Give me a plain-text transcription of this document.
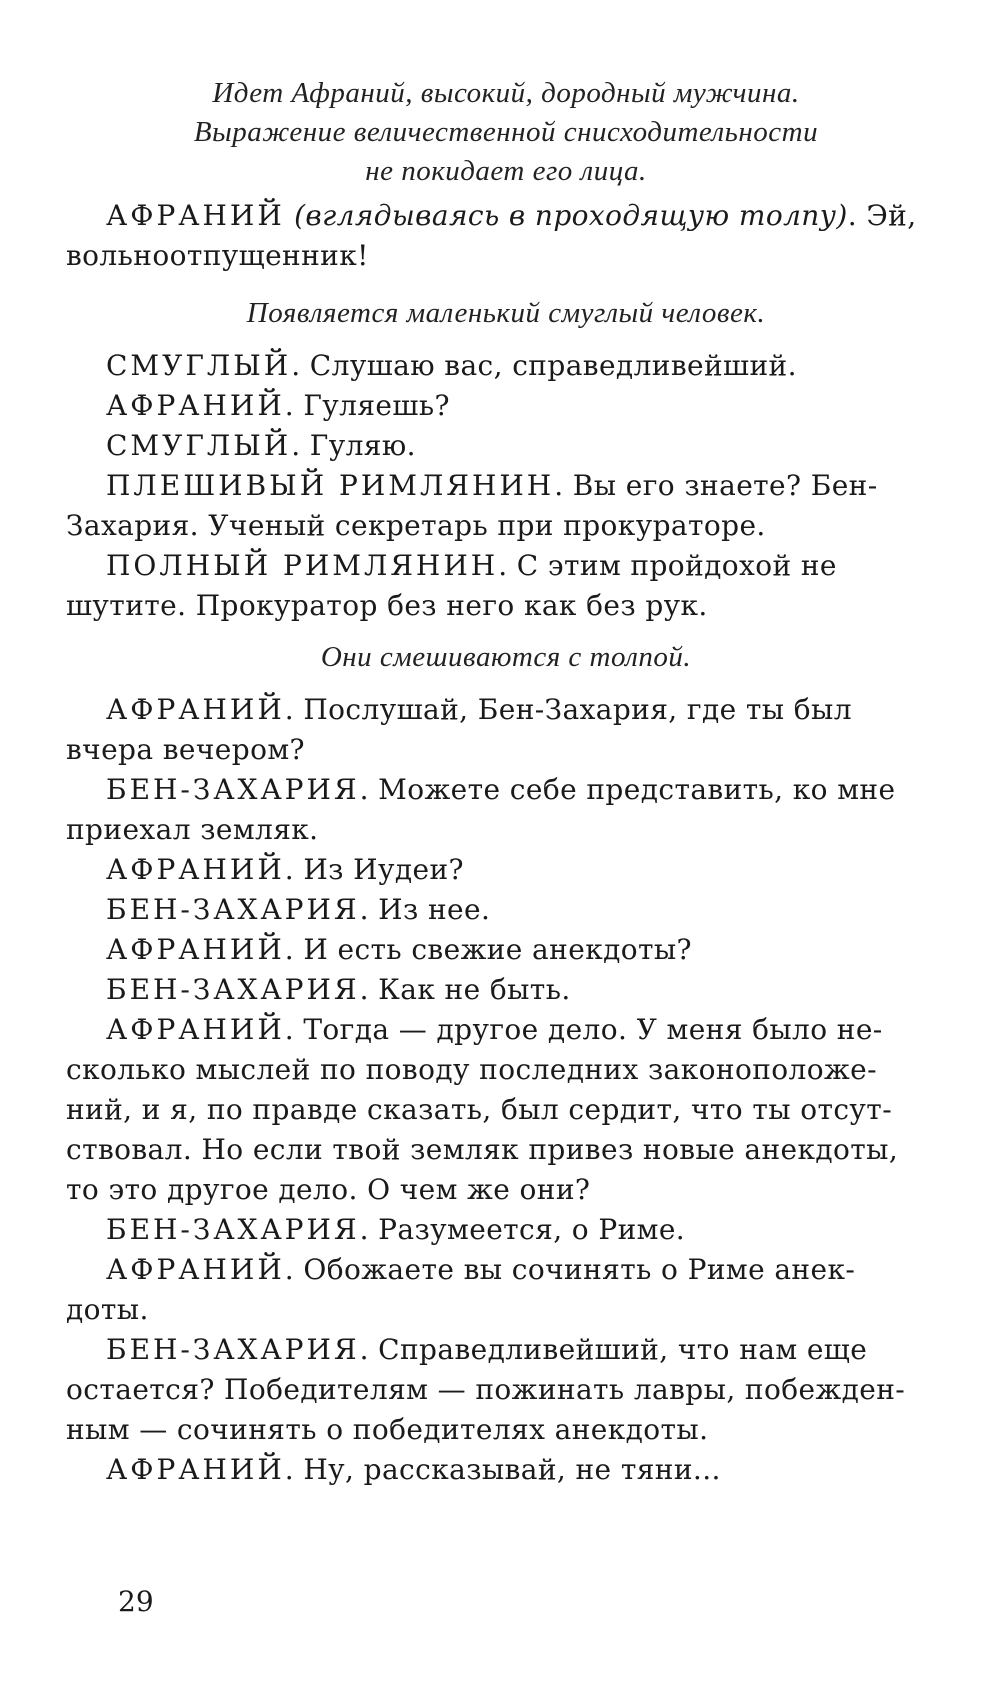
Идет Афраний, высокий, дородный мужчина.
Выражение величественной снисходительности
не покидает его лица.
АФРАНИЙ (вглядываясь в проходящую толпу). Эй,
вольноотпущенник!
Появляется маленький смуглый человек.
СМУГЛЫЙ. Слушаю вас, справедливейший.
АФРАНИЙ. Гуляешь?
СМУГЛЫЙ. Гуляю.
ПЛЕШИВЫЙ РИМЛЯНИН. Вы его знаете? Бен-
Захария. Ученый секретарь при прокураторе.
ПОЛНЫЙ РИМЛЯНИН. С этим пройдохой не
шутите. Прокуратор без него как без рук.
Они смешиваются с толпой.
АФРАНИЙ. Послушай, Бен-Захария, где ты был
вчера вечером?
БЕН-ЗАХАРИЯ. Можете себе представить, ко мне
приехал земляк.
АФРАНИЙ. Из Иудеи?
БЕН-ЗАХАРИЯ. Из нее.
АФРАНИЙ. И есть свежие анекдоты?
БЕН-ЗАХАРИЯ. Как не быть.
АФРАНИЙ. Тогда — другое дело. У меня было не-
сколько мыслей по поводу последних законоположе-
ний, и я, по правде сказать, был сердит, что ты отсут-
ствовал. Но если твой земляк привез новые анекдоты,
то это другое дело. О чем же они?
БЕН-ЗАХАРИЯ. Разумеется, о Риме.
АФРАНИЙ. Обожаете вы сочинять о Риме анек-
доты.
БЕН-ЗАХАРИЯ. Справедливейший, что нам еще
остается? Победителям — пожинать лавры, побежден-
ным — сочинять о победителях анекдоты.
АФРАНИЙ. Ну, рассказывай, не тяни...
29
